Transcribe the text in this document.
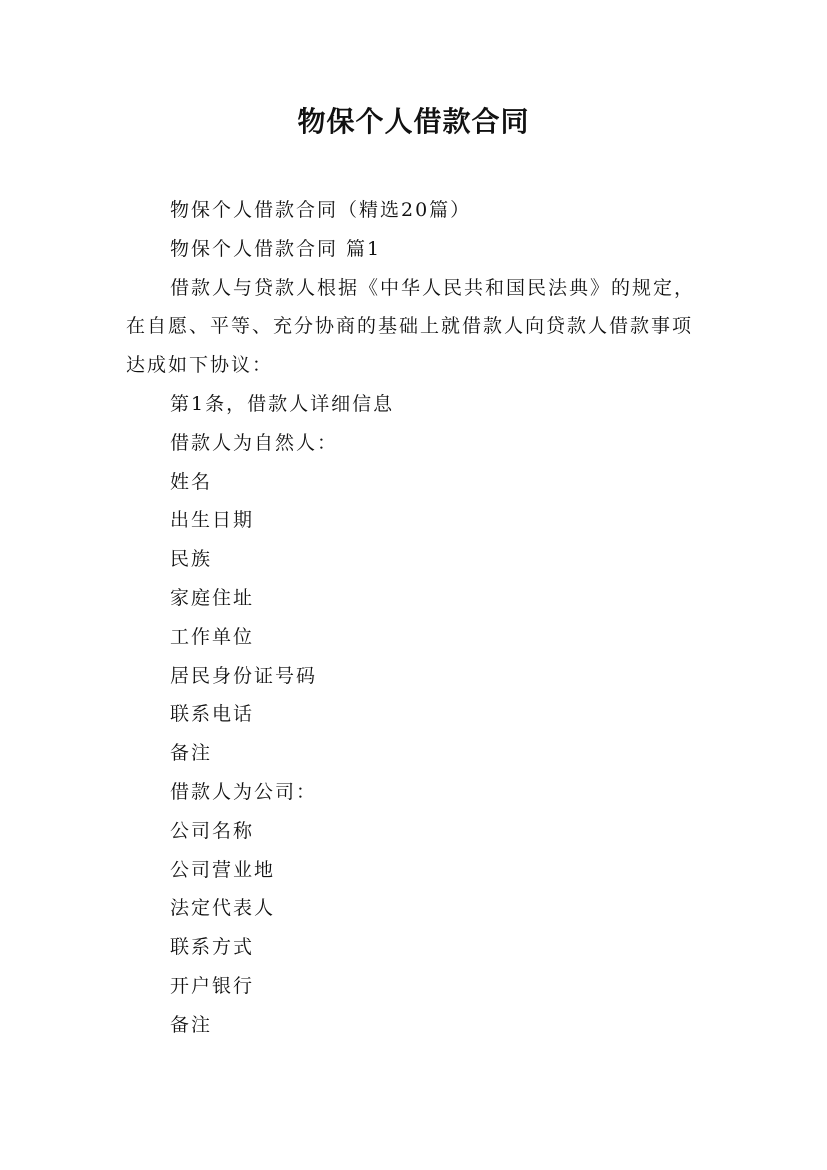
物保个人借款合同

物保个人借款合同（精选20篇）

物保个人借款合同 篇1

借款人与贷款人根据《中华人民共和国民法典》的规定，在自愿、平等、充分协商的基础上就借款人向贷款人借款事项达成如下协议：

第1条，借款人详细信息

借款人为自然人：

姓名

出生日期

民族

家庭住址

工作单位

居民身份证号码

联系电话

备注

借款人为公司：

公司名称

公司营业地

法定代表人

联系方式

开户银行

备注
